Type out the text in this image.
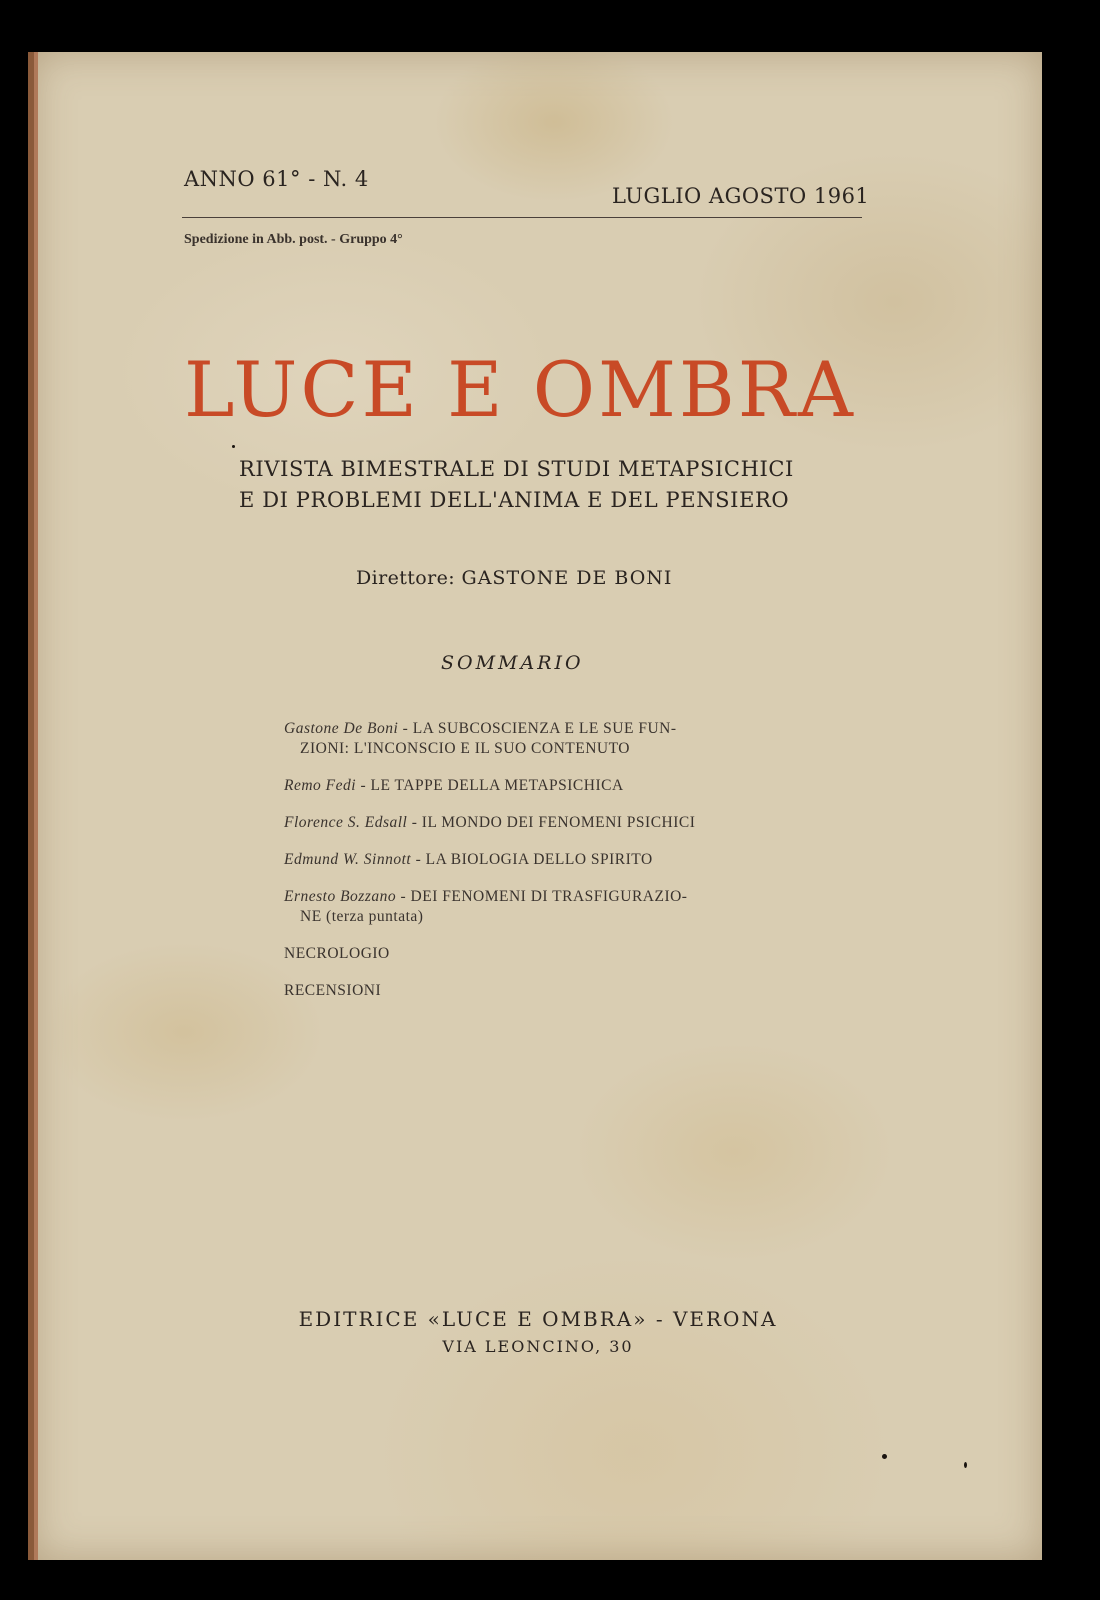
ANNO 61° - N. 4
LUGLIO AGOSTO 1961
Spedizione in Abb. post. - Gruppo 4°
LUCE E OMBRA
RIVISTA BIMESTRALE DI STUDI METAPSICHICI
E DI PROBLEMI DELL'ANIMA E DEL PENSIERO
Direttore: GASTONE DE BONI
SOMMARIO
Gastone De Boni - LA SUBCOSCIENZA E LE SUE FUN-
ZIONI: L'INCONSCIO E IL SUO CONTENUTO
Remo Fedi - LE TAPPE DELLA METAPSICHICA
Florence S. Edsall - IL MONDO DEI FENOMENI PSICHICI
Edmund W. Sinnott - LA BIOLOGIA DELLO SPIRITO
Ernesto Bozzano - DEI FENOMENI DI TRASFIGURAZIO-
NE (terza puntata)
NECROLOGIO
RECENSIONI
EDITRICE «LUCE E OMBRA» - VERONA
VIA LEONCINO, 30
